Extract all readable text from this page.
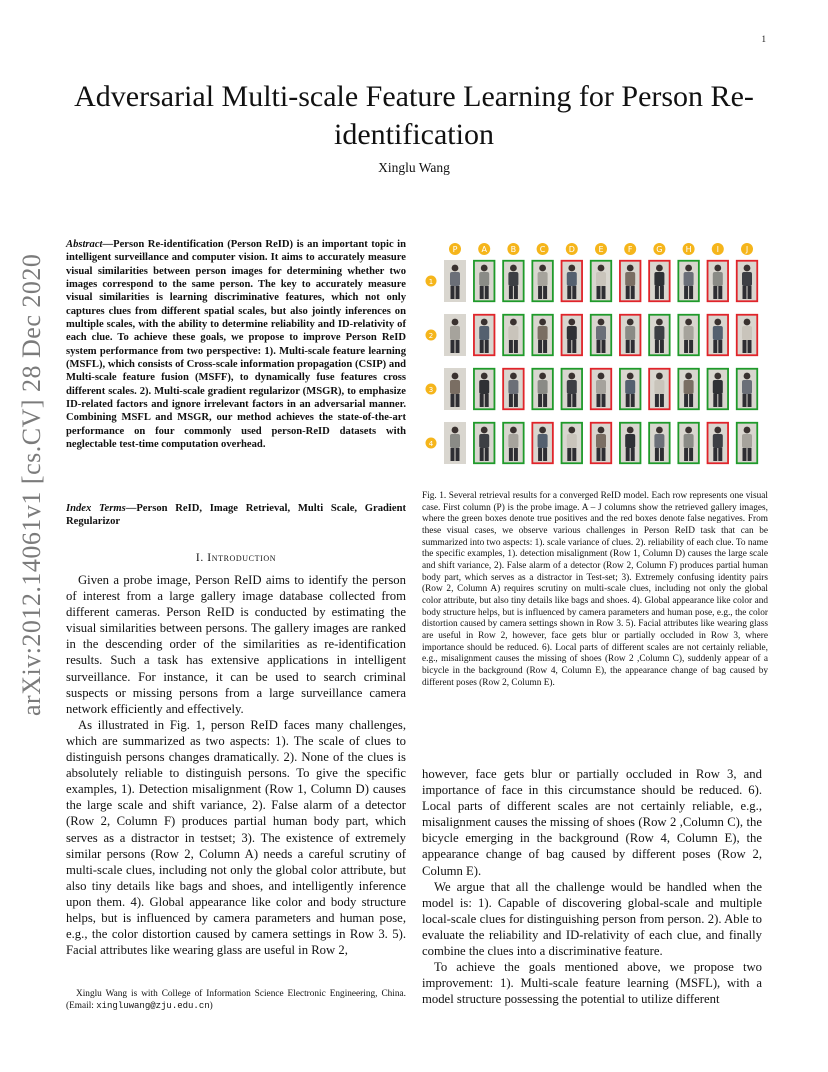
1
Adversarial Multi-scale Feature Learning for Person Re-identification
Xinglu Wang
arXiv:2012.14061v1 [cs.CV] 28 Dec 2020
Abstract—Person Re-identification (Person ReID) is an important topic in intelligent surveillance and computer vision. It aims to accurately measure visual similarities between person images for determining whether two images correspond to the same person. The key to accurately measure visual similarities is learning discriminative features, which not only captures clues from different spatial scales, but also jointly inferences on multiple scales, with the ability to determine reliability and ID-relativity of each clue. To achieve these goals, we propose to improve Person ReID system performance from two perspective: 1). Multi-scale feature learning (MSFL), which consists of Cross-scale information propagation (CSIP) and Multi-scale feature fusion (MSFF), to dynamically fuse features cross different scales. 2). Multi-scale gradient regularizor (MSGR), to emphasize ID-related factors and ignore irrelevant factors in an adversarial manner. Combining MSFL and MSGR, our method achieves the state-of-the-art performance on four commonly used person-ReID datasets with neglectable test-time computation overhead.
Index Terms—Person ReID, Image Retrieval, Multi Scale, Gradient Regularizor
I. Introduction

Given a probe image, Person ReID aims to identify the person of interest from a large gallery image database collected from different cameras. Person ReID is conducted by estimating the visual similarities between persons. The gallery images are ranked in the descending order of the similarities as re-identification results. Such a task has extensive applications in intelligent surveillance. For instance, it can be used to search criminal suspects or missing persons from a large surveillance camera network efficiently and effectively.

As illustrated in Fig. 1, person ReID faces many challenges, which are summarized as two aspects: 1). The scale of clues to distinguish persons changes dramatically. 2). None of the clues is absolutely reliable to distinguish persons. To give the specific examples, 1). Detection misalignment (Row 1, Column D) causes the large scale and shift variance, 2). False alarm of a detector (Row 2, Column F) produces partial human body part, which serves as a distractor in testset; 3). The existence of extremely similar persons (Row 2, Column A) needs a careful scrutiny of multi-scale clues, including not only the global color attribute, but also tiny details like bags and shoes, and intelligently inference upon them. 4). Global appearance like color and body structure helps, but is influenced by camera parameters and human pose, e.g., the color distortion caused by camera settings in Row 3. 5). Facial attributes like wearing glass are useful in Row 2,

Xinglu Wang is with College of Information Science Electronic Engineering, China. (Email: xingluwang@zju.edu.cn)
P	A	B	C	D	E	F	G	H	I	J
1
2
3
4
Fig. 1. Several retrieval results for a converged ReID model. Each row represents one visual case. First column (P) is the probe image. A – J columns show the retrieved gallery images, where the green boxes denote true positives and the red boxes denote false negatives. From these visual cases, we observe various challenges in Person ReID task that can be summarized into two aspects: 1). scale variance of clues. 2). reliability of each clue. To name the specific examples, 1). detection misalignment (Row 1, Column D) causes the large scale and shift variance, 2). False alarm of a detector (Row 2, Column F) produces partial human body part, which serves as a distractor in Test-set; 3). Extremely confusing identity pairs (Row 2, Column A) requires scrutiny on multi-scale clues, including not only the global color attribute, but also tiny details like bags and shoes. 4). Global appearance like color and body structure helps, but is influenced by camera parameters and human pose, e.g., the color distortion caused by camera settings shown in Row 3. 5). Facial attributes like wearing glass are useful in Row 2, however, face gets blur or partially occluded in Row 3, where importance should be reduced. 6). Local parts of different scales are not certainly reliable, e.g., misalignment causes the missing of shoes (Row 2 ,Column C), suddenly appear of a bicycle in the background (Row 4, Column E), the appearance change of bag caused by different poses (Row 2, Column E).

however, face gets blur or partially occluded in Row 3, and importance of face in this circumstance should be reduced. 6). Local parts of different scales are not certainly reliable, e.g., misalignment causes the missing of shoes (Row 2 ,Column C), the bicycle emerging in the background (Row 4, Column E), the appearance change of bag caused by different poses (Row 2, Column E).

We argue that all the challenge would be handled when the model is: 1). Capable of discovering global-scale and multiple local-scale clues for distinguishing person from person. 2). Able to evaluate the reliability and ID-relativity of each clue, and finally combine the clues into a discriminative feature.

To achieve the goals mentioned above, we propose two improvement: 1). Multi-scale feature learning (MSFL), with a model structure possessing the potential to utilize different
